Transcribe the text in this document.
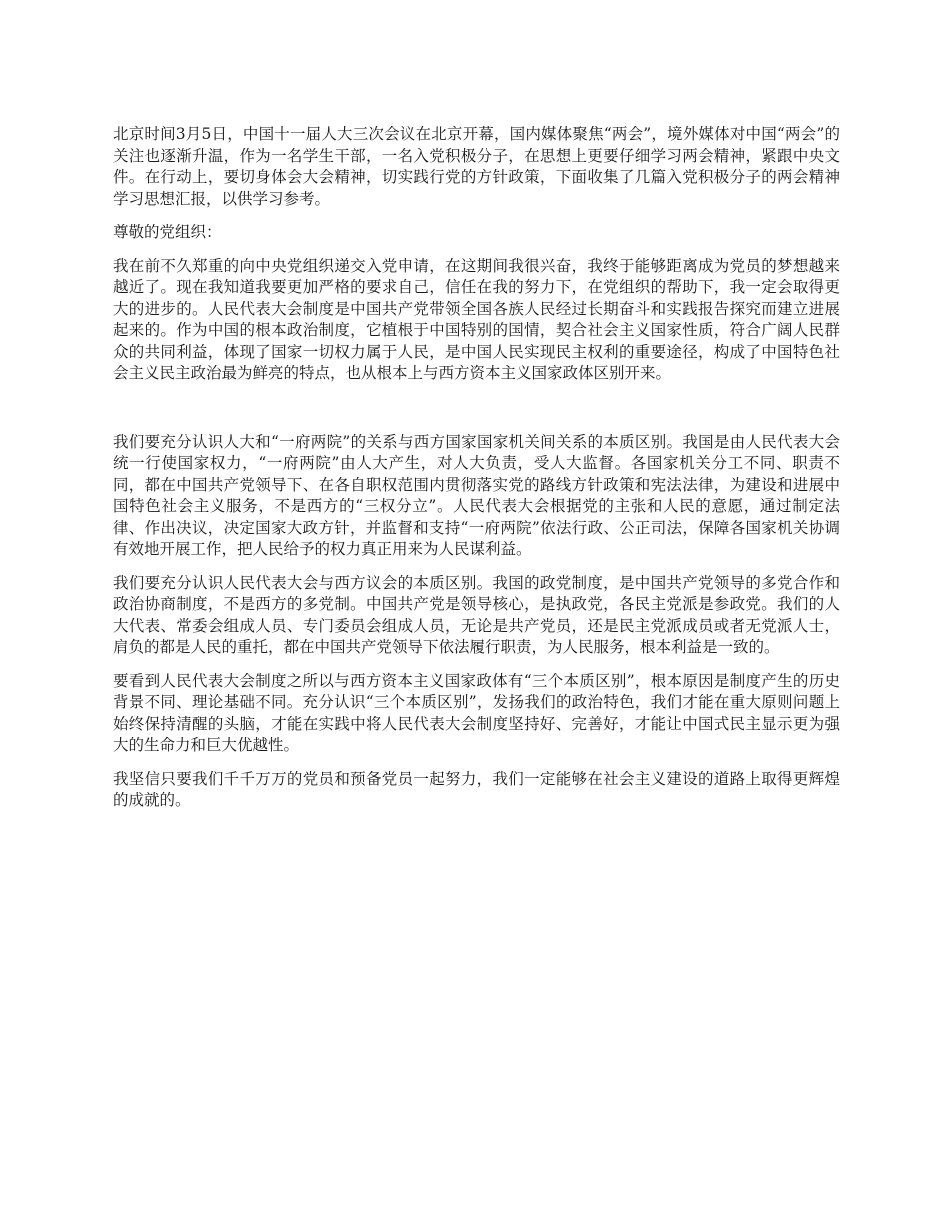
北京时间3月5日，中国十一届人大三次会议在北京开幕，国内媒体聚焦“两会”，境外媒体对中国“两会”的关注也逐渐升温，作为一名学生干部，一名入党积极分子，在思想上更要仔细学习两会精神，紧跟中央文件。在行动上，要切身体会大会精神，切实践行党的方针政策，下面收集了几篇入党积极分子的两会精神学习思想汇报，以供学习参考。

尊敬的党组织：

我在前不久郑重的向中央党组织递交入党申请，在这期间我很兴奋，我终于能够距离成为党员的梦想越来越近了。现在我知道我要更加严格的要求自己，信任在我的努力下，在党组织的帮助下，我一定会取得更大的进步的。人民代表大会制度是中国共产党带领全国各族人民经过长期奋斗和实践报告探究而建立进展起来的。作为中国的根本政治制度，它植根于中国特别的国情，契合社会主义国家性质，符合广阔人民群众的共同利益，体现了国家一切权力属于人民，是中国人民实现民主权利的重要途径，构成了中国特色社会主义民主政治最为鲜亮的特点，也从根本上与西方资本主义国家政体区别开来。

我们要充分认识人大和“一府两院”的关系与西方国家国家机关间关系的本质区别。我国是由人民代表大会统一行使国家权力，“一府两院”由人大产生，对人大负责，受人大监督。各国家机关分工不同、职责不同，都在中国共产党领导下、在各自职权范围内贯彻落实党的路线方针政策和宪法法律，为建设和进展中国特色社会主义服务，不是西方的“三权分立”。人民代表大会根据党的主张和人民的意愿，通过制定法律、作出决议，决定国家大政方针，并监督和支持“一府两院”依法行政、公正司法，保障各国家机关协调有效地开展工作，把人民给予的权力真正用来为人民谋利益。

我们要充分认识人民代表大会与西方议会的本质区别。我国的政党制度，是中国共产党领导的多党合作和政治协商制度，不是西方的多党制。中国共产党是领导核心，是执政党，各民主党派是参政党。我们的人大代表、常委会组成人员、专门委员会组成人员，无论是共产党员，还是民主党派成员或者无党派人士，肩负的都是人民的重托，都在中国共产党领导下依法履行职责，为人民服务，根本利益是一致的。

要看到人民代表大会制度之所以与西方资本主义国家政体有“三个本质区别”，根本原因是制度产生的历史背景不同、理论基础不同。充分认识“三个本质区别”，发扬我们的政治特色，我们才能在重大原则问题上始终保持清醒的头脑，才能在实践中将人民代表大会制度坚持好、完善好，才能让中国式民主显示更为强大的生命力和巨大优越性。

我坚信只要我们千千万万的党员和预备党员一起努力，我们一定能够在社会主义建设的道路上取得更辉煌的成就的。
